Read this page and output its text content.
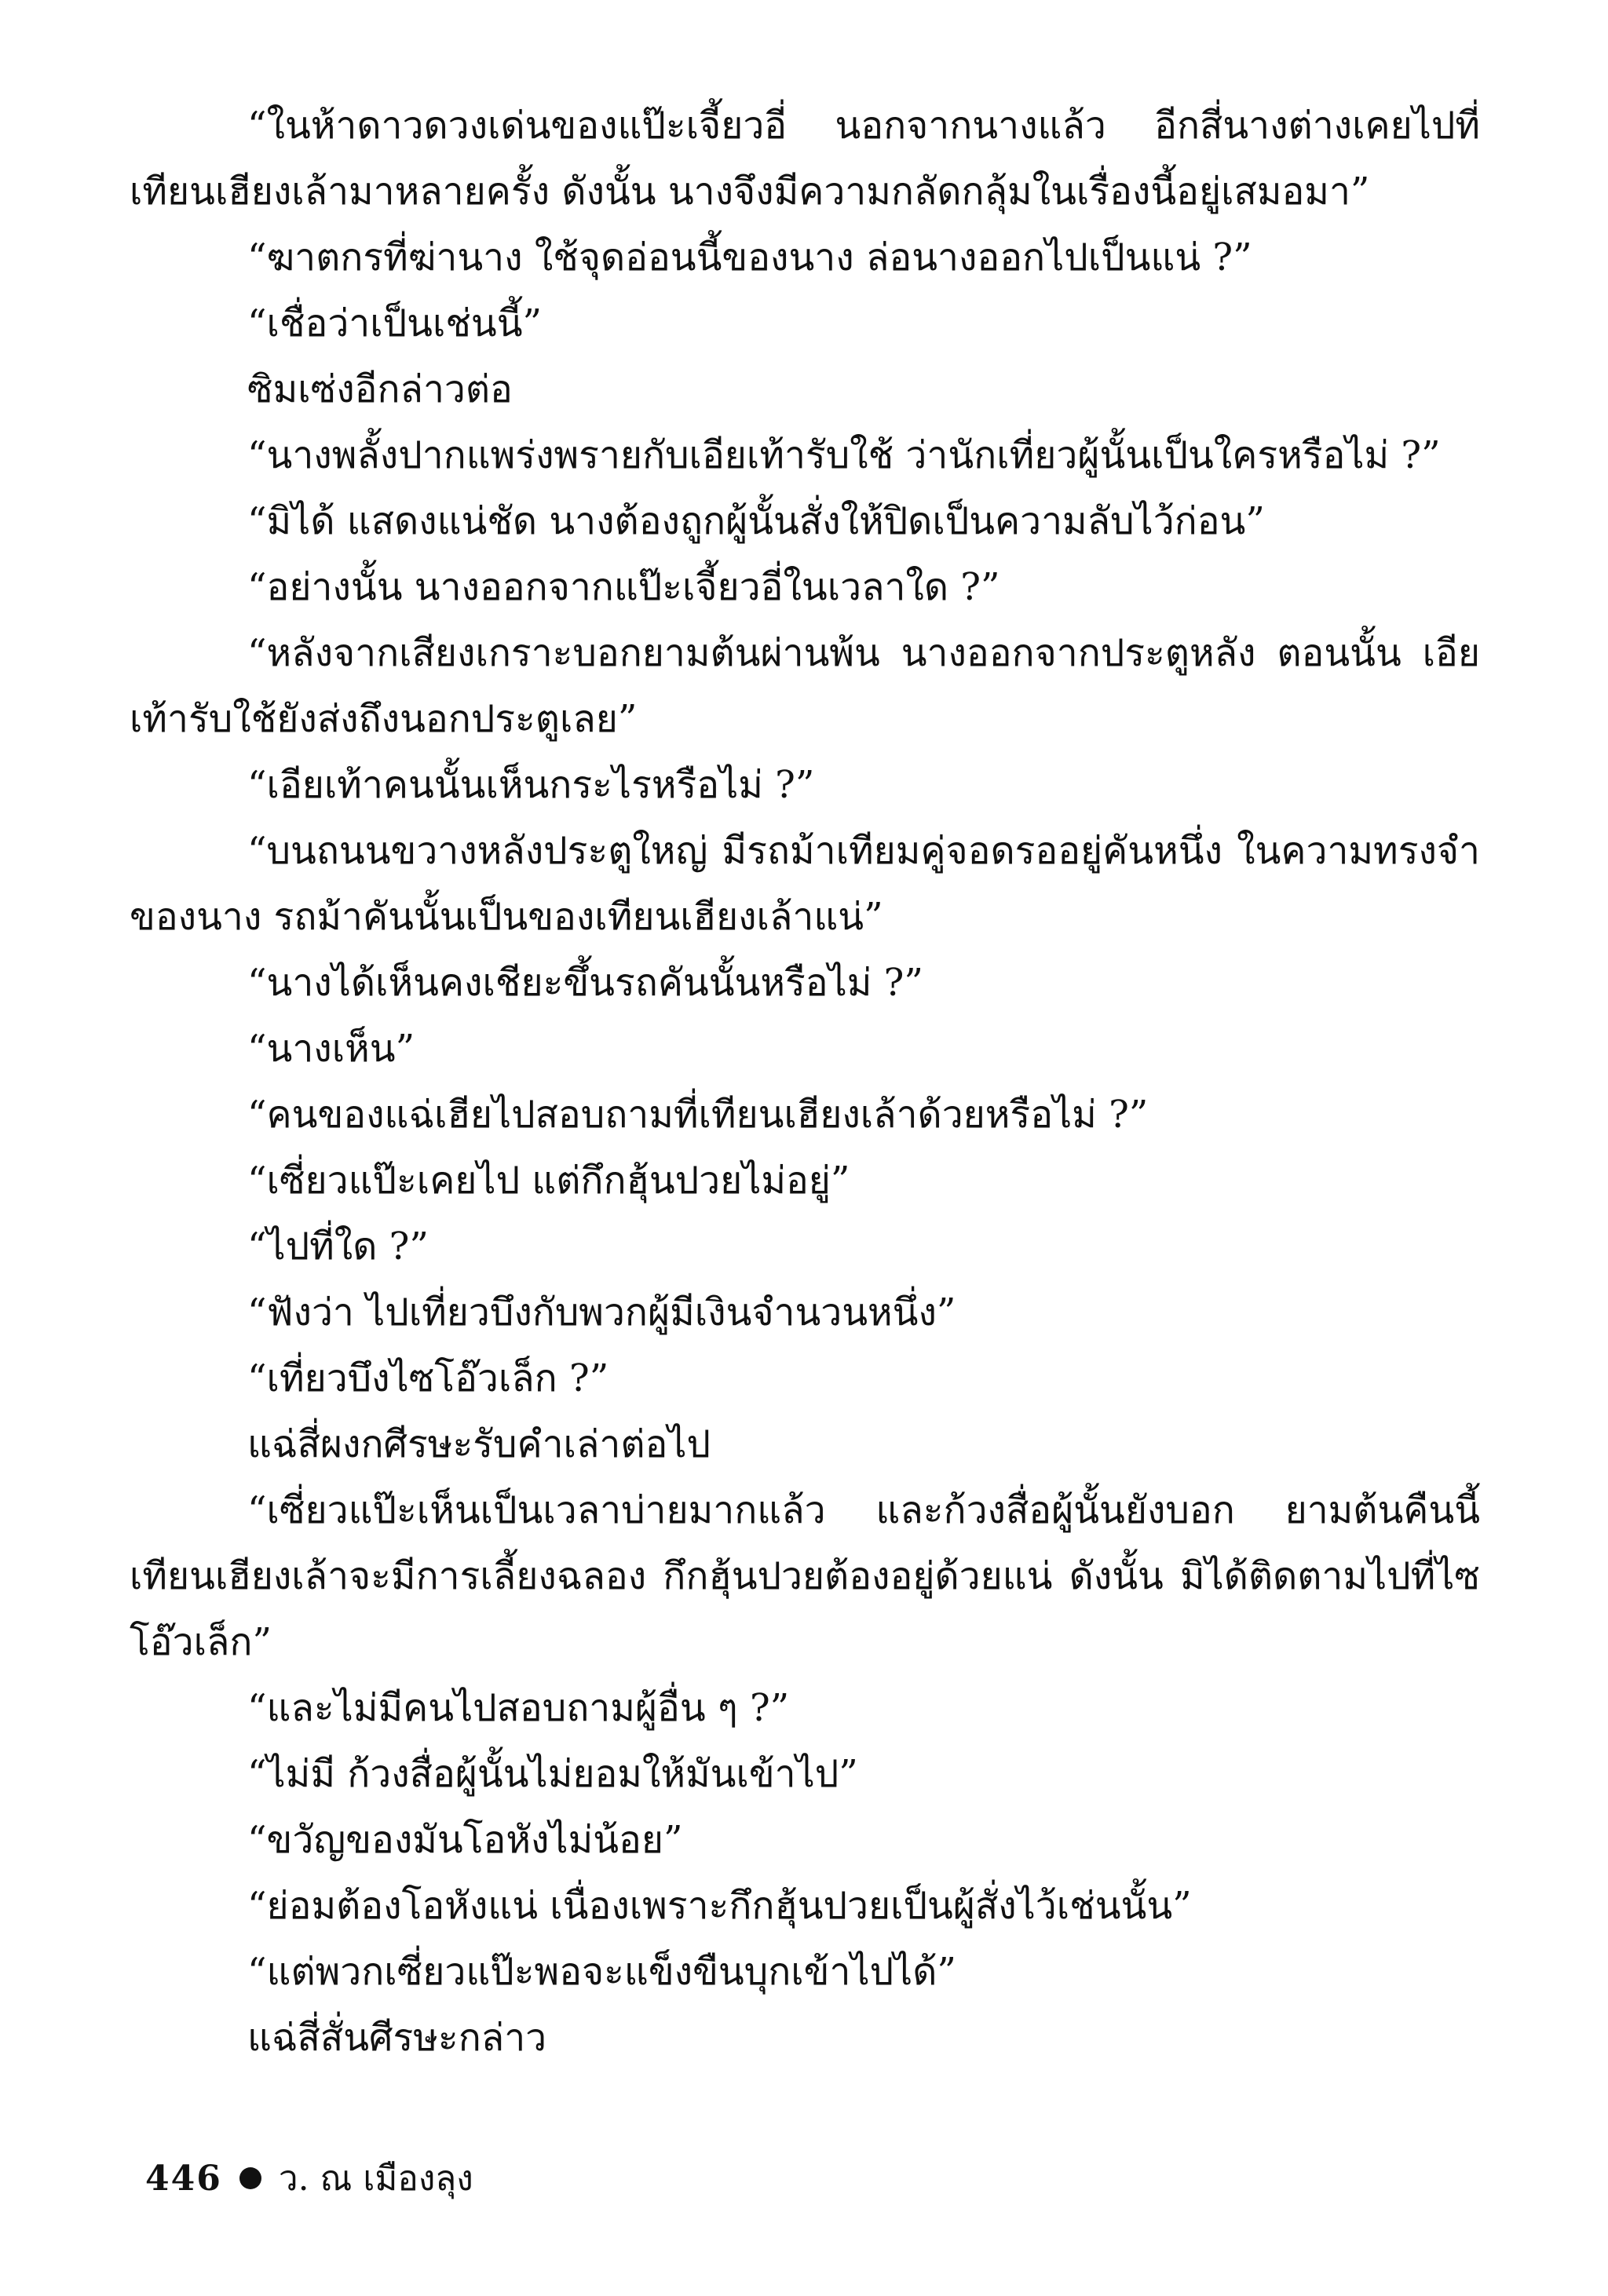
“ในห้าดาวดวงเด่นของแป๊ะเจี้ยวอี่ นอกจากนางแล้ว อีกสี่นางต่างเคยไปที่เทียนเฮียงเล้ามาหลายครั้ง ดังนั้น นางจึงมีความกลัดกลุ้มในเรื่องนี้อยู่เสมอมา”

“ฆาตกรที่ฆ่านาง ใช้จุดอ่อนนี้ของนาง ล่อนางออกไปเป็นแน่ ?”

“เชื่อว่าเป็นเช่นนี้”

ซิมเซ่งอีกล่าวต่อ

“นางพลั้งปากแพร่งพรายกับเอียเท้ารับใช้ ว่านักเที่ยวผู้นั้นเป็นใครหรือไม่ ?”

“มิได้ แสดงแน่ชัด นางต้องถูกผู้นั้นสั่งให้ปิดเป็นความลับไว้ก่อน”

“อย่างนั้น นางออกจากแป๊ะเจี้ยวอี่ในเวลาใด ?”

“หลังจากเสียงเกราะบอกยามต้นผ่านพ้น นางออกจากประตูหลัง ตอนนั้น เอียเท้ารับใช้ยังส่งถึงนอกประตูเลย”

“เอียเท้าคนนั้นเห็นกระไรหรือไม่ ?”

“บนถนนขวางหลังประตูใหญ่ มีรถม้าเทียมคู่จอดรออยู่คันหนึ่ง ในความทรงจำของนาง รถม้าคันนั้นเป็นของเทียนเฮียงเล้าแน่”

“นางได้เห็นคงเชียะขึ้นรถคันนั้นหรือไม่ ?”

“นางเห็น”

“คนของแฉ่เฮียไปสอบถามที่เทียนเฮียงเล้าด้วยหรือไม่ ?”

“เซี่ยวแป๊ะเคยไป แต่กึกฮุ้นปวยไม่อยู่”

“ไปที่ใด ?”

“ฟังว่า ไปเที่ยวบึงกับพวกผู้มีเงินจำนวนหนึ่ง”

“เที่ยวบึงไซโอ๊วเล็ก ?”

แฉ่สี่ผงกศีรษะรับคำเล่าต่อไป

“เซี่ยวแป๊ะเห็นเป็นเวลาบ่ายมากแล้ว และก้วงสื่อผู้นั้นยังบอก ยามต้นคืนนี้ เทียนเฮียงเล้าจะมีการเลี้ยงฉลอง กึกฮุ้นปวยต้องอยู่ด้วยแน่ ดังนั้น มิได้ติดตามไปที่ไซโอ๊วเล็ก”

“และไม่มีคนไปสอบถามผู้อื่น ๆ ?”

“ไม่มี ก้วงสื่อผู้นั้นไม่ยอมให้มันเข้าไป”

“ขวัญของมันโอหังไม่น้อย”

“ย่อมต้องโอหังแน่ เนื่องเพราะกึกฮุ้นปวยเป็นผู้สั่งไว้เช่นนั้น”

“แต่พวกเซี่ยวแป๊ะพอจะแข็งขืนบุกเข้าไปได้”

แฉ่สี่สั่นศีรษะกล่าว

446 ว. ณ เมืองลุง
